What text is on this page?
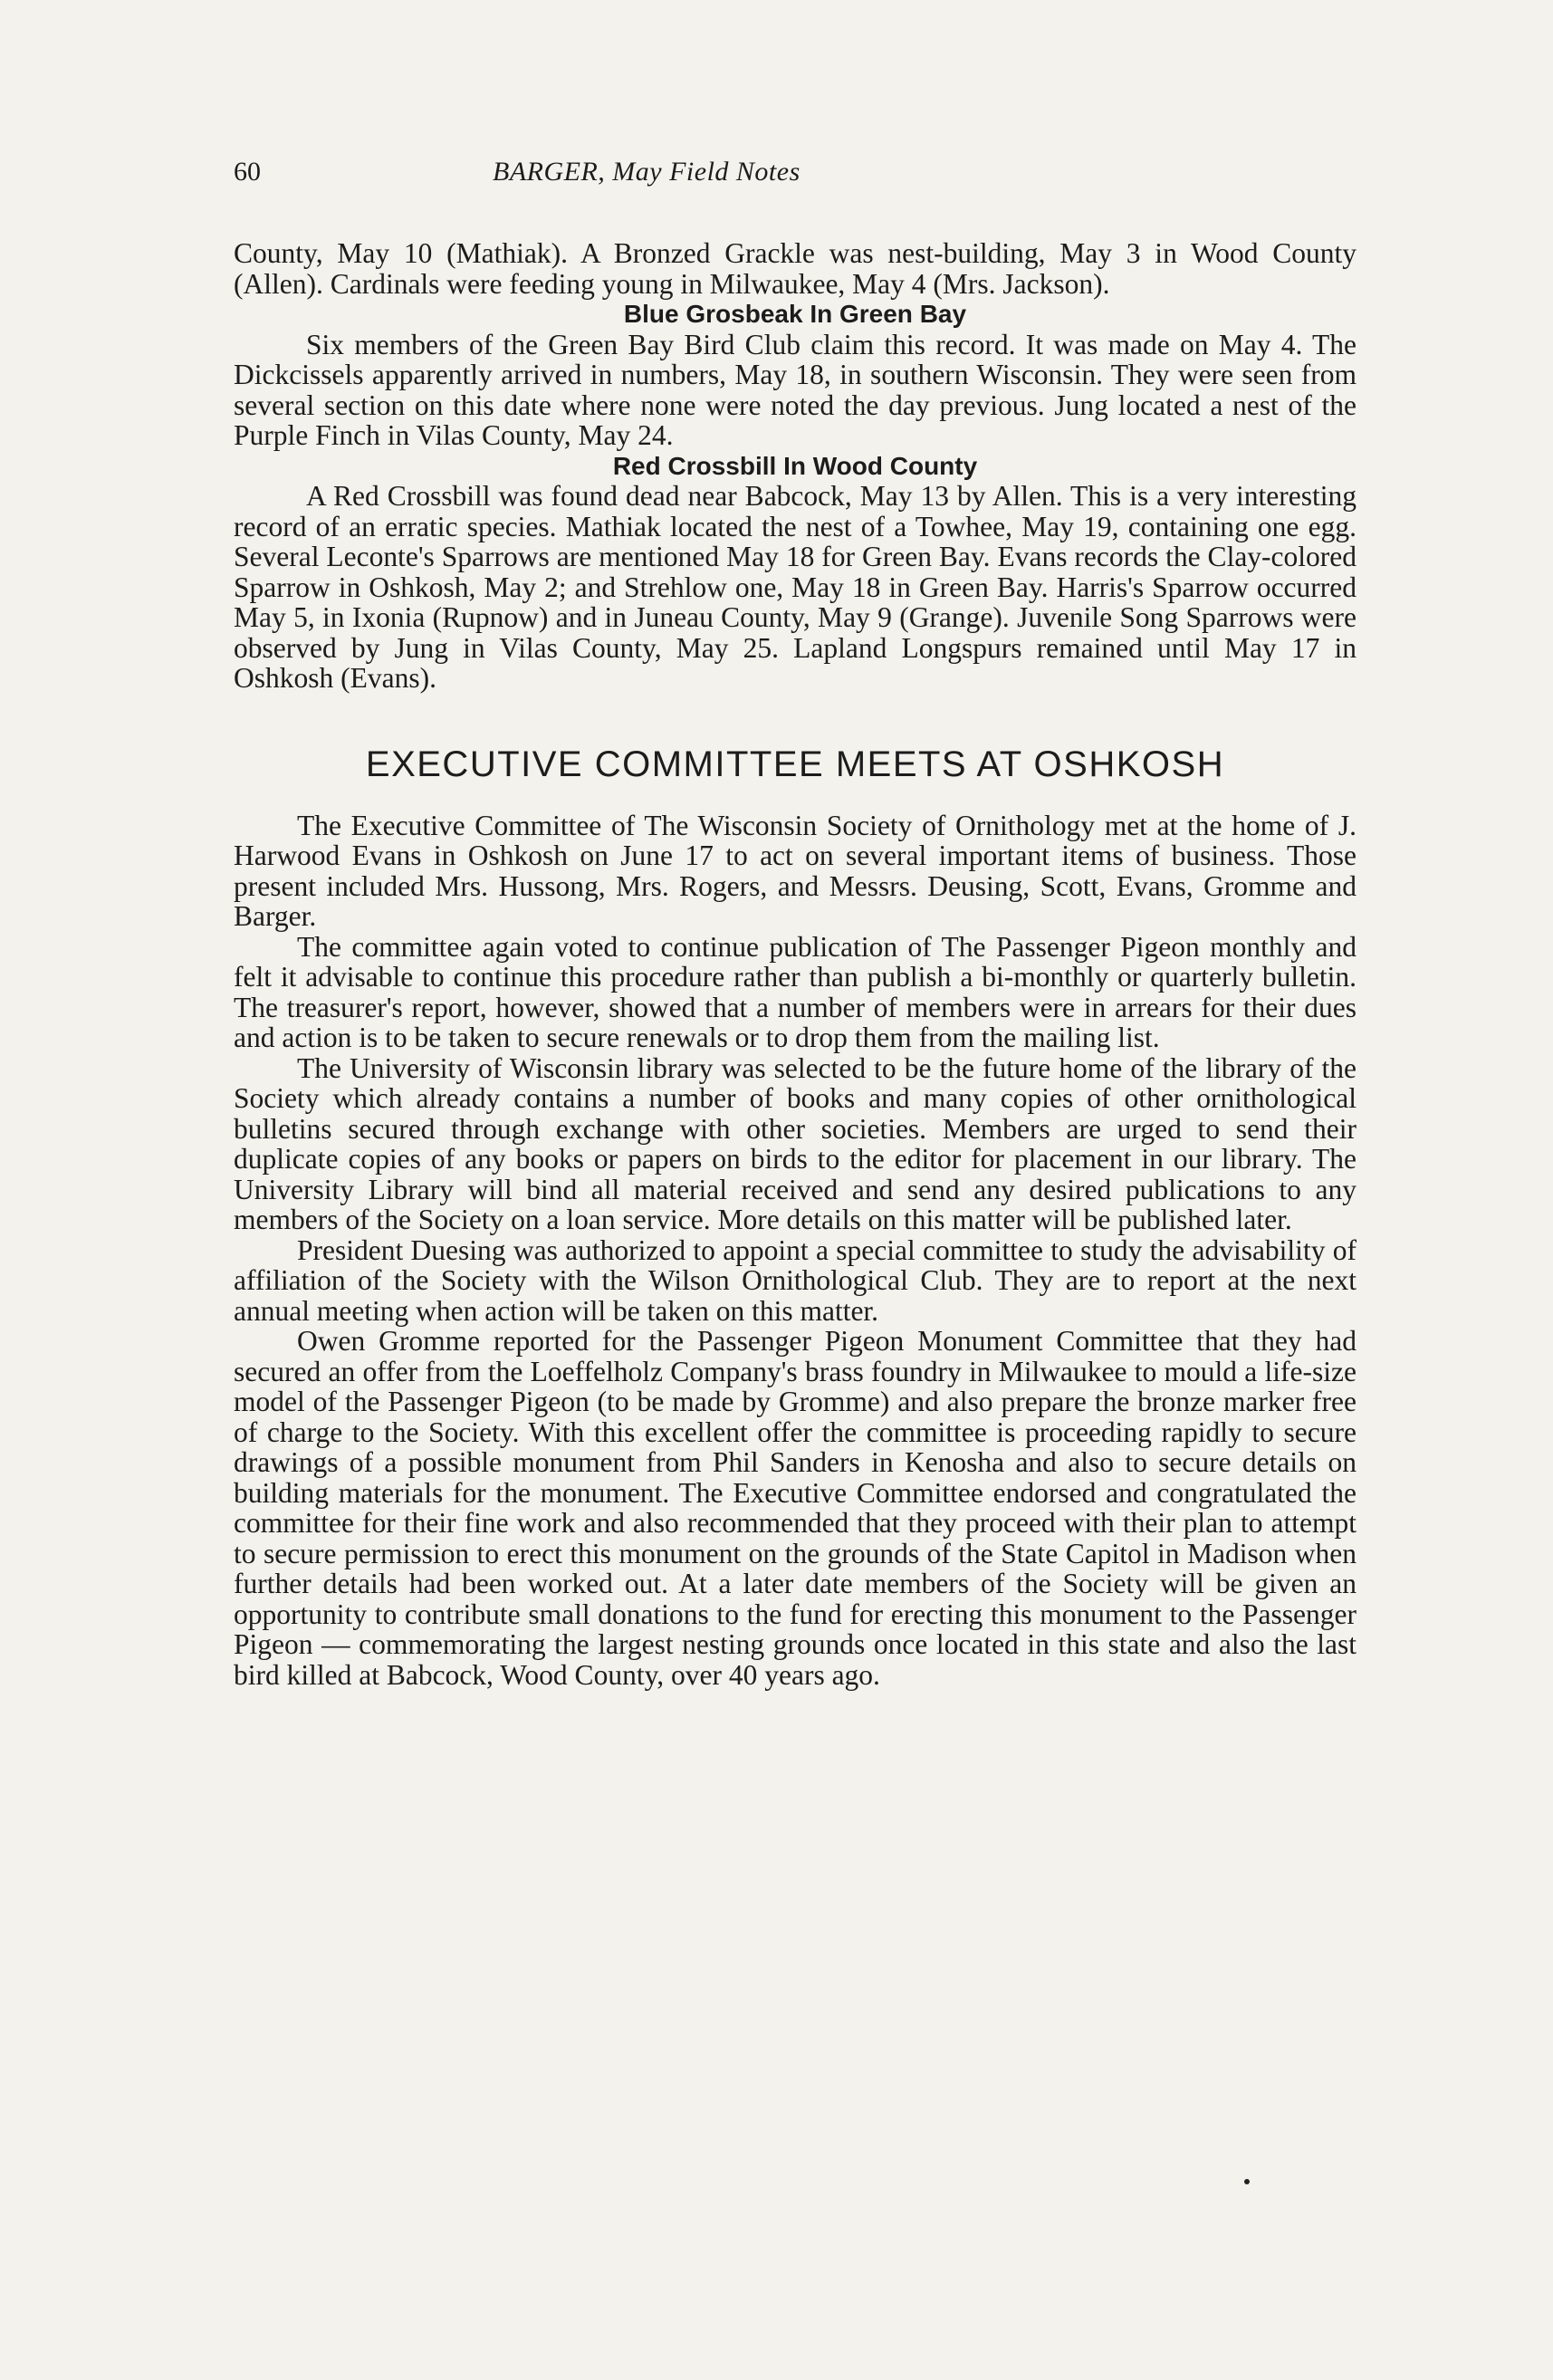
60	BARGER, May Field Notes

County, May 10 (Mathiak). A Bronzed Grackle was nest-building, May 3 in Wood County (Allen). Cardinals were feeding young in Milwaukee, May 4 (Mrs. Jackson).

Blue Grosbeak In Green Bay

Six members of the Green Bay Bird Club claim this record. It was made on May 4. The Dickcissels apparently arrived in numbers, May 18, in southern Wisconsin. They were seen from several section on this date where none were noted the day previous. Jung located a nest of the Purple Finch in Vilas County, May 24.

Red Crossbill In Wood County

A Red Crossbill was found dead near Babcock, May 13 by Allen. This is a very interesting record of an erratic species. Mathiak located the nest of a Towhee, May 19, containing one egg. Several Leconte's Sparrows are mentioned May 18 for Green Bay. Evans records the Clay-colored Sparrow in Oshkosh, May 2; and Strehlow one, May 18 in Green Bay. Harris's Sparrow occurred May 5, in Ixonia (Rupnow) and in Juneau County, May 9 (Grange). Juvenile Song Sparrows were observed by Jung in Vilas County, May 25. Lapland Longspurs remained until May 17 in Oshkosh (Evans).

EXECUTIVE COMMITTEE MEETS AT OSHKOSH

The Executive Committee of The Wisconsin Society of Ornithology met at the home of J. Harwood Evans in Oshkosh on June 17 to act on several important items of business. Those present included Mrs. Hussong, Mrs. Rogers, and Messrs. Deusing, Scott, Evans, Gromme and Barger.

The committee again voted to continue publication of The Passenger Pigeon monthly and felt it advisable to continue this procedure rather than publish a bi-monthly or quarterly bulletin. The treasurer's report, however, showed that a number of members were in arrears for their dues and action is to be taken to secure renewals or to drop them from the mailing list.

The University of Wisconsin library was selected to be the future home of the library of the Society which already contains a number of books and many copies of other ornithological bulletins secured through exchange with other societies. Members are urged to send their duplicate copies of any books or papers on birds to the editor for placement in our library. The University Library will bind all material received and send any desired publications to any members of the Society on a loan service. More details on this matter will be published later.

President Duesing was authorized to appoint a special committee to study the advisability of affiliation of the Society with the Wilson Ornithological Club. They are to report at the next annual meeting when action will be taken on this matter.

Owen Gromme reported for the Passenger Pigeon Monument Committee that they had secured an offer from the Loeffelholz Company's brass foundry in Milwaukee to mould a life-size model of the Passenger Pigeon (to be made by Gromme) and also prepare the bronze marker free of charge to the Society. With this excellent offer the committee is proceeding rapidly to secure drawings of a possible monument from Phil Sanders in Kenosha and also to secure details on building materials for the monument. The Executive Committee endorsed and congratulated the committee for their fine work and also recommended that they proceed with their plan to attempt to secure permission to erect this monument on the grounds of the State Capitol in Madison when further details had been worked out. At a later date members of the Society will be given an opportunity to contribute small donations to the fund for erecting this monument to the Passenger Pigeon — commemorating the largest nesting grounds once located in this state and also the last bird killed at Babcock, Wood County, over 40 years ago.
